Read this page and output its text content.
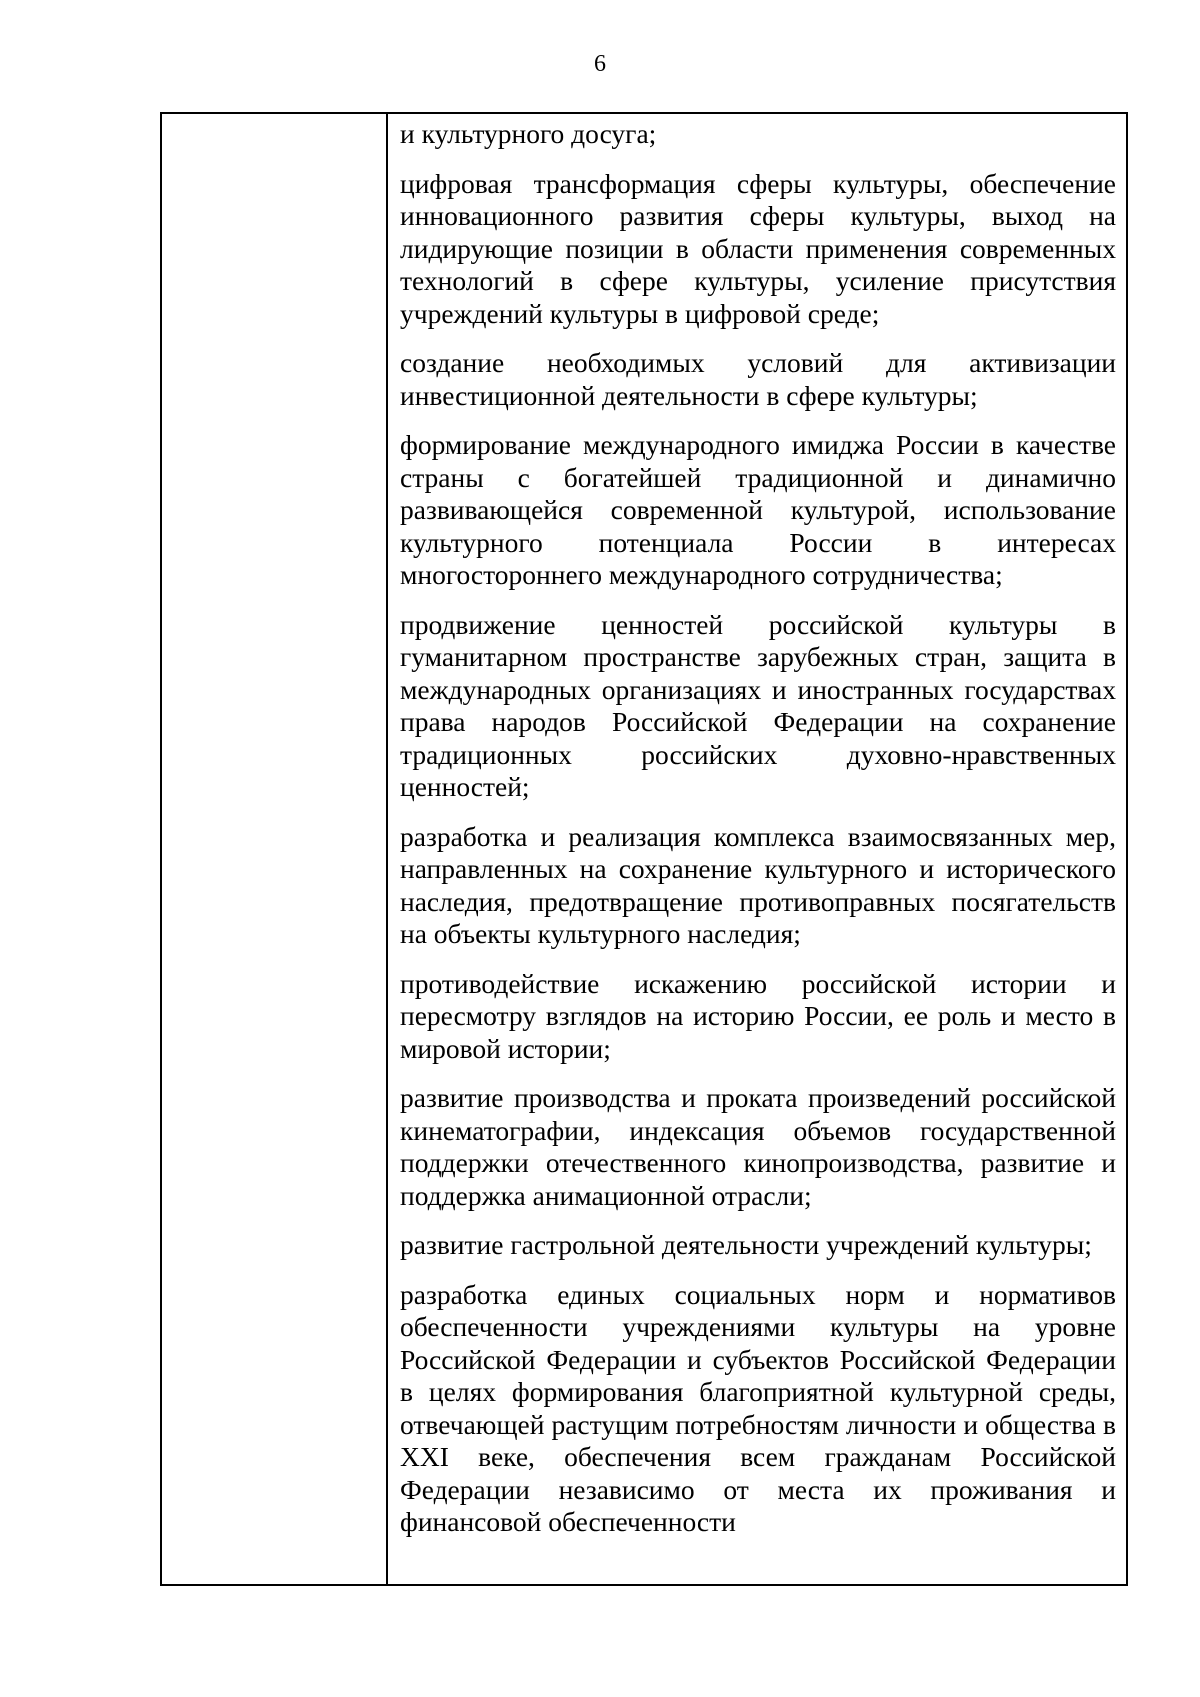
6

и культурного досуга;

цифровая трансформация сферы культуры, обеспечение инновационного развития сферы культуры, выход на лидирующие позиции в области применения современных технологий в сфере культуры, усиление присутствия учреждений культуры в цифровой среде;

создание необходимых условий для активизации инвестиционной деятельности в сфере культуры;

формирование международного имиджа России в качестве страны с богатейшей традиционной и динамично развивающейся современной культурой, использование культурного потенциала России в интересах многостороннего международного сотрудничества;

продвижение ценностей российской культуры в гуманитарном пространстве зарубежных стран, защита в международных организациях и иностранных государствах права народов Российской Федерации на сохранение традиционных российских духовно-нравственных ценностей;

разработка и реализация комплекса взаимосвязанных мер, направленных на сохранение культурного и исторического наследия, предотвращение противоправных посягательств на объекты культурного наследия;

противодействие искажению российской истории и пересмотру взглядов на историю России, ее роль и место в мировой истории;

развитие производства и проката произведений российской кинематографии, индексация объемов государственной поддержки отечественного кинопроизводства, развитие и поддержка анимационной отрасли;

развитие гастрольной деятельности учреждений культуры;

разработка единых социальных норм и нормативов обеспеченности учреждениями культуры на уровне Российской Федерации и субъектов Российской Федерации в целях формирования благоприятной культурной среды, отвечающей растущим потребностям личности и общества в XXI веке, обеспечения всем гражданам Российской Федерации независимо от места их проживания и финансовой обеспеченности
